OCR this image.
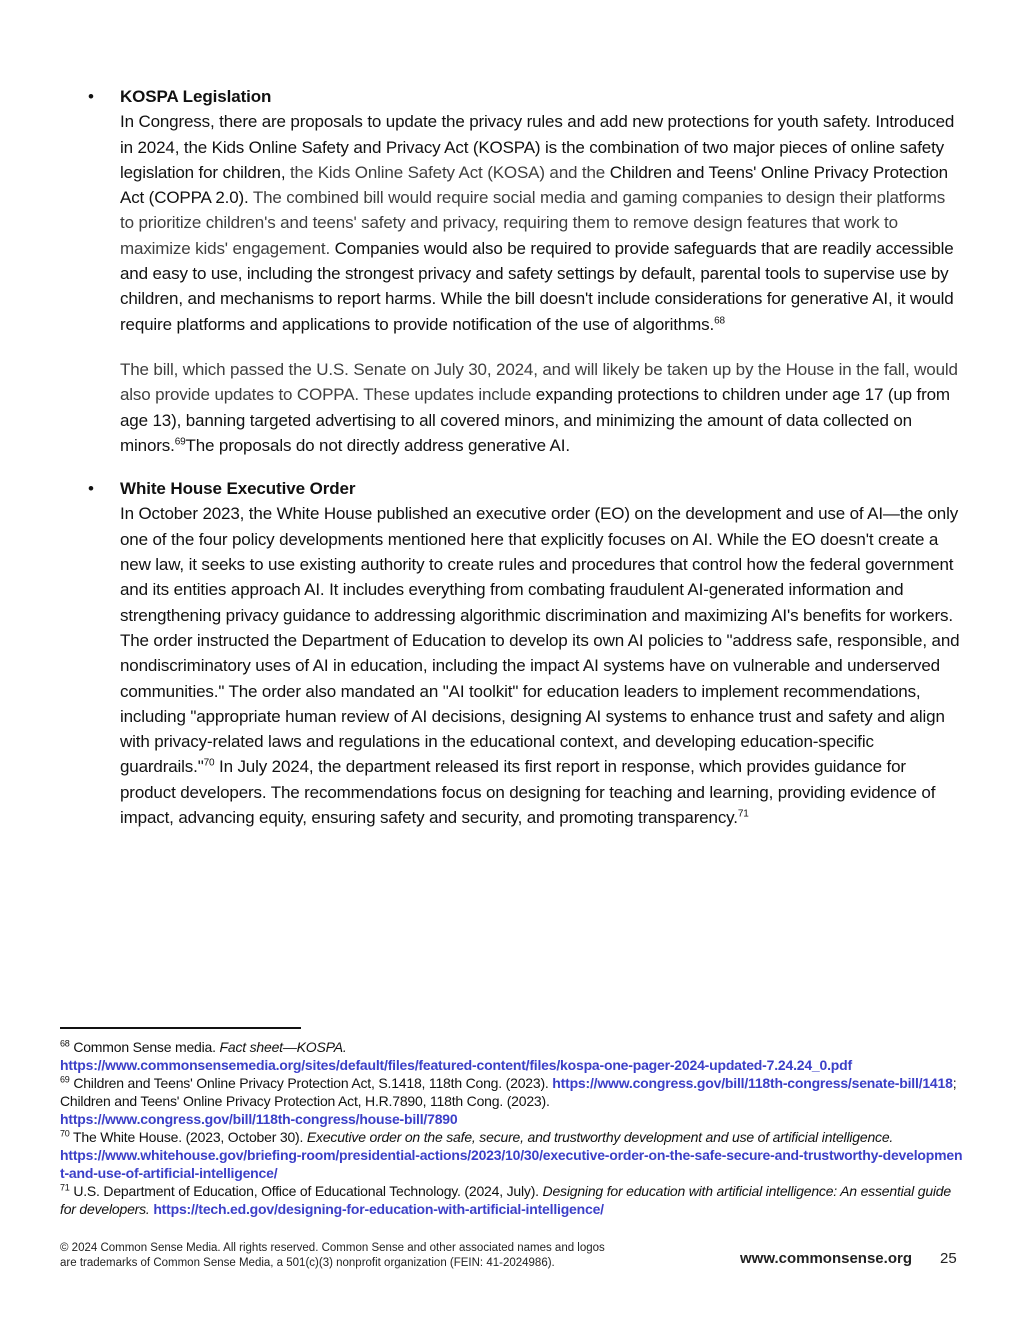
• KOSPA Legislation

In Congress, there are proposals to update the privacy rules and add new protections for youth safety. Introduced in 2024, the Kids Online Safety and Privacy Act (KOSPA) is the combination of two major pieces of online safety legislation for children, the Kids Online Safety Act (KOSA) and the Children and Teens' Online Privacy Protection Act (COPPA 2.0). The combined bill would require social media and gaming companies to design their platforms to prioritize children's and teens' safety and privacy, requiring them to remove design features that work to maximize kids' engagement. Companies would also be required to provide safeguards that are readily accessible and easy to use, including the strongest privacy and safety settings by default, parental tools to supervise use by children, and mechanisms to report harms. While the bill doesn't include considerations for generative AI, it would require platforms and applications to provide notification of the use of algorithms.$^{68}$

The bill, which passed the U.S. Senate on July 30, 2024, and will likely be taken up by the House in the fall, would also provide updates to COPPA. These updates include expanding protections to children under age 17 (up from age 13), banning targeted advertising to all covered minors, and minimizing the amount of data collected on minors.$^{69}$The proposals do not directly address generative AI.

• White House Executive Order

In October 2023, the White House published an executive order (EO) on the development and use of AI—the only one of the four policy developments mentioned here that explicitly focuses on AI. While the EO doesn't create a new law, it seeks to use existing authority to create rules and procedures that control how the federal government and its entities approach AI. It includes everything from combating fraudulent AI-generated information and strengthening privacy guidance to addressing algorithmic discrimination and maximizing AI's benefits for workers. The order instructed the Department of Education to develop its own AI policies to "address safe, responsible, and nondiscriminatory uses of AI in education, including the impact AI systems have on vulnerable and underserved communities." The order also mandated an "AI toolkit" for education leaders to implement recommendations, including "appropriate human review of AI decisions, designing AI systems to enhance trust and safety and align with privacy-related laws and regulations in the educational context, and developing education-specific guardrails."$^{70}$ In July 2024, the department released its first report in response, which provides guidance for product developers. The recommendations focus on designing for teaching and learning, providing evidence of impact, advancing equity, ensuring safety and security, and promoting transparency.$^{71}$

$^{68}$ Common Sense media. Fact sheet—KOSPA.
https://www.commonsensemedia.org/sites/default/files/featured-content/files/kospa-one-pager-2024-updated-7.24.24_0.pdf

$^{69}$ Children and Teens' Online Privacy Protection Act, S.1418, 118th Cong. (2023). https://www.congress.gov/bill/118th-congress/senate-bill/1418; Children and Teens' Online Privacy Protection Act, H.R.7890, 118th Cong. (2023).
https://www.congress.gov/bill/118th-congress/house-bill/7890

$^{70}$ The White House. (2023, October 30). Executive order on the safe, secure, and trustworthy development and use of artificial intelligence.
https://www.whitehouse.gov/briefing-room/presidential-actions/2023/10/30/executive-order-on-the-safe-secure-and-trustworthy-development-and-use-of-artificial-intelligence/

$^{71}$ U.S. Department of Education, Office of Educational Technology. (2024, July). Designing for education with artificial intelligence: An essential guide for developers. https://tech.ed.gov/designing-for-education-with-artificial-intelligence/

© 2024 Common Sense Media. All rights reserved. Common Sense and other associated names and logos
are trademarks of Common Sense Media, a 501(c)(3) nonprofit organization (FEIN: 41-2024986).	www.commonsense.org 25
